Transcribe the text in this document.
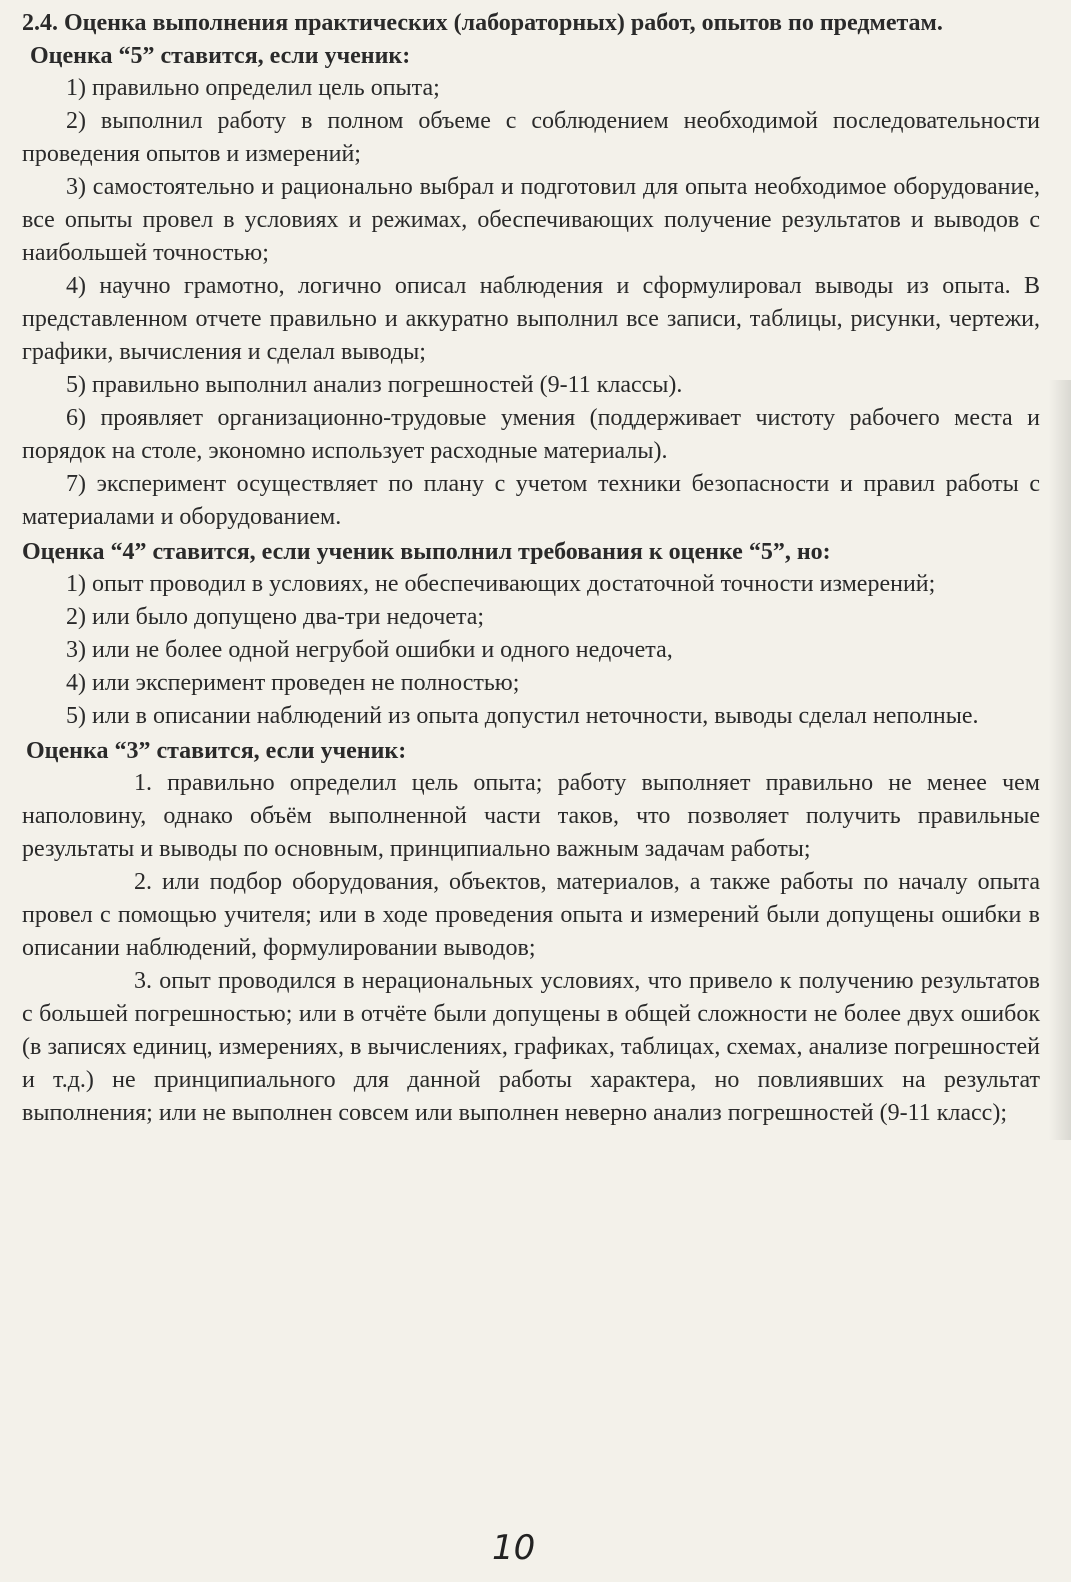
2.4. Оценка выполнения практических (лабораторных) работ, опытов по предметам.

Оценка “5” ставится, если ученик:

1) правильно определил цель опыта;

2) выполнил работу в полном объеме с соблюдением необходимой последовательности проведения опытов и измерений;

3) самостоятельно и рационально выбрал и подготовил для опыта необходимое оборудование, все опыты провел в условиях и режимах, обеспечивающих получение результатов и выводов с наибольшей точностью;

4) научно грамотно, логично описал наблюдения и сформулировал выводы из опыта. В представленном отчете правильно и аккуратно выполнил все записи, таблицы, рисунки, чертежи, графики, вычисления и сделал выводы;

5) правильно выполнил анализ погрешностей (9-11 классы).

6) проявляет организационно-трудовые умения (поддерживает чистоту рабочего места и порядок на столе, экономно использует расходные материалы).

7) эксперимент осуществляет по плану с учетом техники безопасности и правил работы с материалами и оборудованием.

Оценка “4” ставится, если ученик выполнил требования к оценке “5”, но:

1) опыт проводил в условиях, не обеспечивающих достаточной точности измерений;

2) или было допущено два-три недочета;

3) или не более одной негрубой ошибки и одного недочета,

4) или эксперимент проведен не полностью;

5) или в описании наблюдений из опыта допустил неточности, выводы сделал неполные.

Оценка “3” ставится, если ученик:

1. правильно определил цель опыта; работу выполняет правильно не менее чем наполовину, однако объём выполненной части таков, что позволяет получить правильные результаты и выводы по основным, принципиально важным задачам работы;

2. или подбор оборудования, объектов, материалов, а также работы по началу опыта провел с помощью учителя; или в ходе проведения опыта и измерений были допущены ошибки в описании наблюдений, формулировании выводов;

3. опыт проводился в нерациональных условиях, что привело к получению результатов с большей погрешностью; или в отчёте были допущены в общей сложности не более двух ошибок (в записях единиц, измерениях, в вычислениях, графиках, таблицах, схемах, анализе погрешностей и т.д.) не принципиального для данной работы характера, но повлиявших на результат выполнения; или не выполнен совсем или выполнен неверно анализ погрешностей (9-11 класс);

10
